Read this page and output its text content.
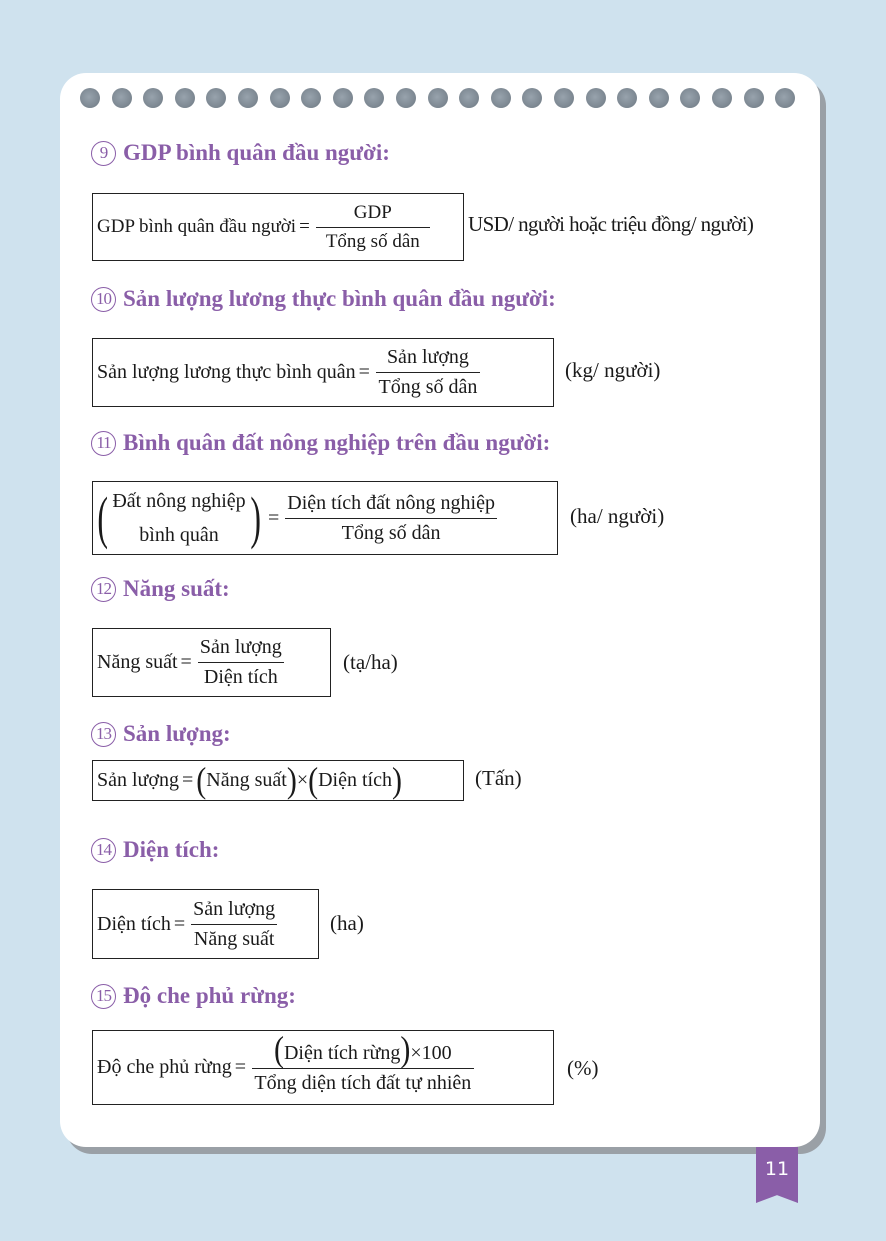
9 GDP bình quân đầu người:
GDP bình quân đầu người = $\frac{\text{GDP}}{\text{Tổng số dân}} USD/$ người hoặc triệu đồng/ người)
10 Sản lượng lương thực bình quân đầu người:
Sản lượng lương thực bình quân = $\frac{\text{Sản lượng}}{\text{Tổng số dân}}$	(kg/ người)
11 Bình quân đất nông nghiệp trên đầu người:
( Đất nông nghiệp
bình quân ) = $\frac{\text{Diện tích đất nông nghiệp}}{\text{Tổng số dân}}$	(ha/ người)
12 Năng suất:
Năng suất = $\frac{\text{Sản lượng}}{\text{Diện tích}}$	(tạ/ha)
13 Sản lượng:
Sản lượng = ( Năng suất ) × ( Diện tích )	(Tấn)
14 Diện tích:
Diện tích = $\frac{\text{Sản lượng}}{\text{Năng suất}}$	(ha)
15 Độ che phủ rừng:
Độ che phủ rừng = $\frac{\text{(Diện tích rừng)×100}}{\text{Tổng diện tích đất tự nhiên}}$	(%)
11
